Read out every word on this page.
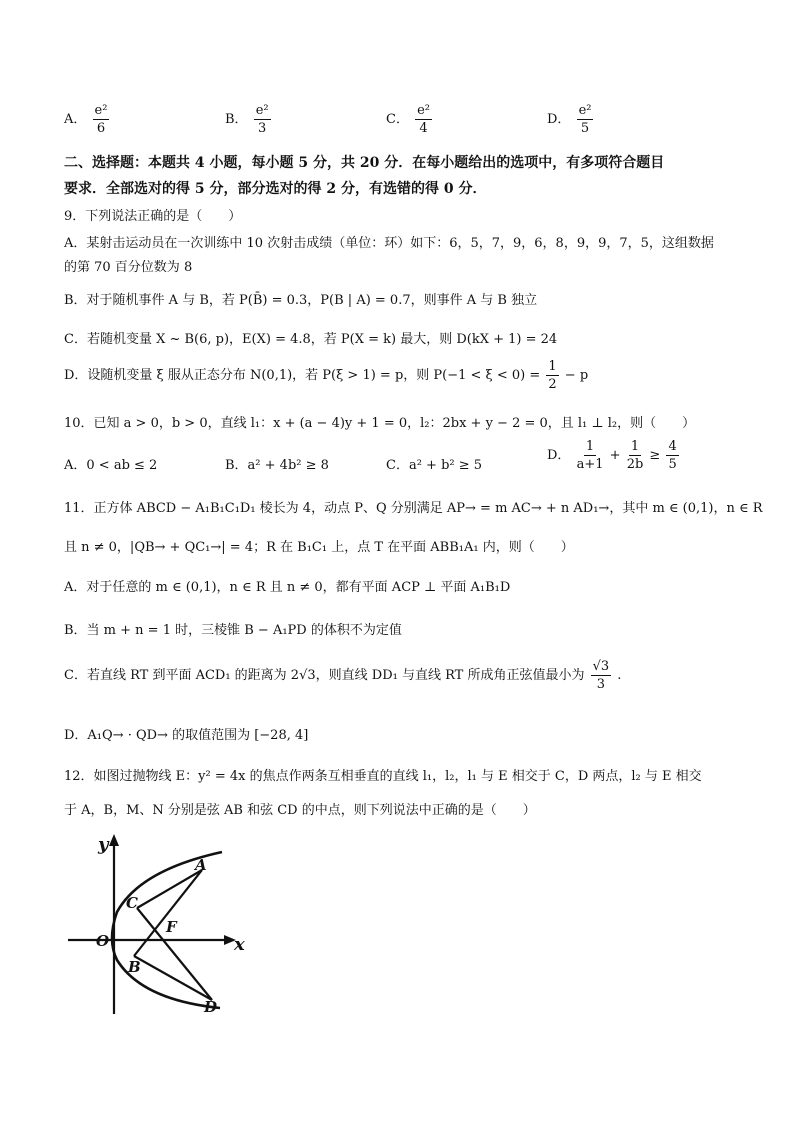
A． $\frac{\text{e²}}{6}$	B． $\frac{\text{e²}}{3}$	C． $\frac{\text{e²}}{4}$	D． $\frac{\text{e²}}{5}$
二、选择题：本题共 4 小题，每小题 5 分，共 20 分．在每小题给出的选项中，有多项符合题目
要求．全部选对的得 5 分，部分选对的得 2 分，有选错的得 0 分．
9．下列说法正确的是（　　）
A．某射击运动员在一次训练中 10 次射击成绩（单位：环）如下：6，5，7，9，6，8，9，9，7，5，这组数据
的第 70 百分位数为 8
B．对于随机事件 A 与 B，若 P(B̄) = 0.3，P(B | A) = 0.7，则事件 A 与 B 独立
C．若随机变量 X ~ B(6, p)，E(X) = 4.8，若 P(X = k) 最大，则 D(kX + 1) = 24
D．设随机变量 ξ 服从正态分布 N(0,1)，若 P(ξ > 1) = p，则 $P(-1 < \xi < 0) = \frac{1}{2} - p$
10．已知 a > 0，b > 0，直线 l₁：x + (a − 4)y + 1 = 0，l₂：2bx + y − 2 = 0，且 l₁ ⊥ l₂，则（　　）
A．0 < ab ≤ 2	B．a² + 4b² ≥ 8	C．a² + b² ≥ 5
D． $\frac{1}{a+1} + \frac{1}{2b} \ge \frac{4}{5}$
11．正方体 ABCD − A₁B₁C₁D₁ 棱长为 4，动点 P、Q 分别满足 AP→ = m AC→ + n AD₁→，其中 m ∈ (0,1)，n ∈ R
且 n ≠ 0，|QB→ + QC₁→| = 4；R 在 B₁C₁ 上，点 T 在平面 ABB₁A₁ 内，则（　　）
A．对于任意的 m ∈ (0,1)，n ∈ R 且 n ≠ 0，都有平面 ACP ⊥ 平面 A₁B₁D
B．当 m + n = 1 时，三棱锥 B − A₁PD 的体积不为定值
C．若直线 RT 到平面 ACD₁ 的距离为 2√3，则直线 DD₁ 与直线 RT 所成角正弦值最小为 $\frac{√3}{3}$ .
D．A₁Q→ · QD→ 的取值范围为 [−28, 4]
12．如图过抛物线 E：y² = 4x 的焦点作两条互相垂直的直线 l₁，l₂，l₁ 与 E 相交于 C，D 两点，l₂ 与 E 相交
于 A，B，M、N 分别是弦 AB 和弦 CD 的中点，则下列说法中正确的是（　　）
y
x
O
F
A
B
C
D
